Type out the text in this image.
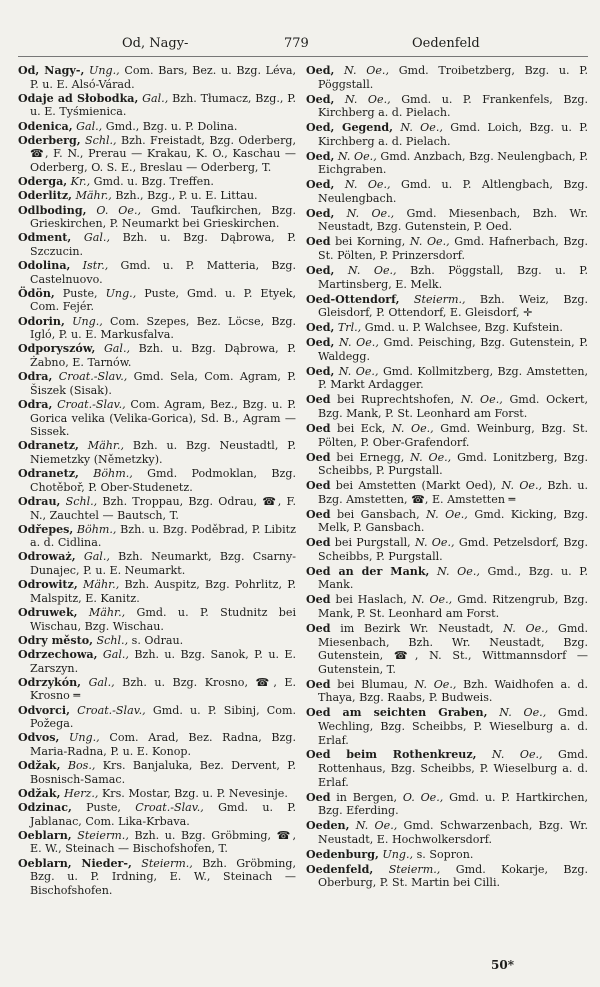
Od, Nagy-	779	Oedenfeld
Od, Nagy-, Ung., Com. Bars, Bez. u. Bzg. Léva, P. u. E. Alsó-Várad.
Odaje ad Słobodka, Gal., Bzh. Tłumacz, Bzg., P. u. E. Tyśmienica.
Odenica, Gal., Gmd., Bzg. u. P. Dolina.
Oderberg, Schl., Bzh. Freistadt, Bzg. Oderberg, ☎, F. N., Prerau — Krakau, K. O., Kaschau — Oderberg, O. S. E., Breslau — Oderberg, T.
Oderga, Kr., Gmd. u. Bzg. Treffen.
Oderlitz, Mähr., Bzh., Bzg., P. u. E. Littau.
Odlboding, O. Oe., Gmd. Taufkirchen, Bzg. Grieskirchen, P. Neumarkt bei Grieskirchen.
Odment, Gal., Bzh. u. Bzg. Dąbrowa, P. Szczucin.
Odolina, Istr., Gmd. u. P. Matteria, Bzg. Castelnuovo.
Ödön, Puste, Ung., Puste, Gmd. u. P. Etyek, Com. Fejér.
Odorin, Ung., Com. Szepes, Bez. Löcse, Bzg. Igló, P. u. E. Markusfalva.
Odporyszów, Gal., Bzh. u. Bzg. Dąbrowa, P. Żabno, E. Tarnów.
Odra, Croat.-Slav., Gmd. Sela, Com. Agram, P. Šiszek (Sisak).
Odra, Croat.-Slav., Com. Agram, Bez., Bzg. u. P. Gorica velika (Velika-Gorica), Sd. B., Agram — Sissek.
Odranetz, Mähr., Bzh. u. Bzg. Neustadtl, P. Niemetzky (Němetzky).
Odranetz, Böhm., Gmd. Podmoklan, Bzg. Chotěboř, P. Ober-Studenetz.
Odrau, Schl., Bzh. Troppau, Bzg. Odrau, ☎, F. N., Zauchtel — Bautsch, T.
Odřepes, Böhm., Bzh. u. Bzg. Poděbrad, P. Libitz a. d. Cidlina.
Odroważ, Gal., Bzh. Neumarkt, Bzg. Csarny-Dunajec, P. u. E. Neumarkt.
Odrowitz, Mähr., Bzh. Auspitz, Bzg. Pohrlitz, P. Malspitz, E. Kanitz.
Odruwek, Mähr., Gmd. u. P. Studnitz bei Wischau, Bzg. Wischau.
Odry město, Schl., s. Odrau.
Odrzechowa, Gal., Bzh. u. Bzg. Sanok, P. u. E. Zarszyn.
Odrzykón, Gal., Bzh. u. Bzg. Krosno, ☎, E. Krosno ═
Odvorci, Croat.-Slav., Gmd. u. P. Sibinj, Com. Požega.
Odvos, Ung., Com. Arad, Bez. Radna, Bzg. Maria-Radna, P. u. E. Konop.
Odžak, Bos., Krs. Banjaluka, Bez. Dervent, P. Bosnisch-Samac.
Odžak, Herz., Krs. Mostar, Bzg. u. P. Nevesinje.
Odzinac, Puste, Croat.-Slav., Gmd. u. P. Jablanac, Com. Lika-Krbava.
Oeblarn, Steierm., Bzh. u. Bzg. Gröbming, ☎, E. W., Steinach — Bischofshofen, T.
Oeblarn, Nieder-, Steierm., Bzh. Gröbming, Bzg. u. P. Irdning, E. W., Steinach — Bischofshofen.
Oed, N. Oe., Gmd. Troibetzberg, Bzg. u. P. Pöggstall.
Oed, N. Oe., Gmd. u. P. Frankenfels, Bzg. Kirchberg a. d. Pielach.
Oed, Gegend, N. Oe., Gmd. Loich, Bzg. u. P. Kirchberg a. d. Pielach.
Oed, N. Oe., Gmd. Anzbach, Bzg. Neulengbach, P. Eichgraben.
Oed, N. Oe., Gmd. u. P. Altlengbach, Bzg. Neulengbach.
Oed, N. Oe., Gmd. Miesenbach, Bzh. Wr. Neustadt, Bzg. Gutenstein, P. Oed.
Oed bei Korning, N. Oe., Gmd. Hafnerbach, Bzg. St. Pölten, P. Prinzersdorf.
Oed, N. Oe., Bzh. Pöggstall, Bzg. u. P. Martinsberg, E. Melk.
Oed-Ottendorf, Steierm., Bzh. Weiz, Bzg. Gleisdorf, P. Ottendorf, E. Gleisdorf, ✛
Oed, Trl., Gmd. u. P. Walchsee, Bzg. Kufstein.
Oed, N. Oe., Gmd. Peisching, Bzg. Gutenstein, P. Waldegg.
Oed, N. Oe., Gmd. Kollmitzberg, Bzg. Amstetten, P. Markt Ardagger.
Oed bei Ruprechtshofen, N. Oe., Gmd. Ockert, Bzg. Mank, P. St. Leonhard am Forst.
Oed bei Eck, N. Oe., Gmd. Weinburg, Bzg. St. Pölten, P. Ober-Grafendorf.
Oed bei Ernegg, N. Oe., Gmd. Lonitzberg, Bzg. Scheibbs, P. Purgstall.
Oed bei Amstetten (Markt Oed), N. Oe., Bzh. u. Bzg. Amstetten, ☎, E. Amstetten ═
Oed bei Gansbach, N. Oe., Gmd. Kicking, Bzg. Melk, P. Gansbach.
Oed bei Purgstall, N. Oe., Gmd. Petzelsdorf, Bzg. Scheibbs, P. Purgstall.
Oed an der Mank, N. Oe., Gmd., Bzg. u. P. Mank.
Oed bei Haslach, N. Oe., Gmd. Ritzengrub, Bzg. Mank, P. St. Leonhard am Forst.
Oed im Bezirk Wr. Neustadt, N. Oe., Gmd. Miesenbach, Bzh. Wr. Neustadt, Bzg. Gutenstein, ☎, N. St., Wittmannsdorf — Gutenstein, T.
Oed bei Blumau, N. Oe., Bzh. Waidhofen a. d. Thaya, Bzg. Raabs, P. Budweis.
Oed am seichten Graben, N. Oe., Gmd. Wechling, Bzg. Scheibbs, P. Wieselburg a. d. Erlaf.
Oed beim Rothenkreuz, N. Oe., Gmd. Rottenhaus, Bzg. Scheibbs, P. Wieselburg a. d. Erlaf.
Oed in Bergen, O. Oe., Gmd. u. P. Hartkirchen, Bzg. Eferding.
Oeden, N. Oe., Gmd. Schwarzenbach, Bzg. Wr. Neustadt, E. Hochwolkersdorf.
Oedenburg, Ung., s. Sopron.
Oedenfeld, Steierm., Gmd. Kokarje, Bzg. Oberburg, P. St. Martin bei Cilli.
50*
